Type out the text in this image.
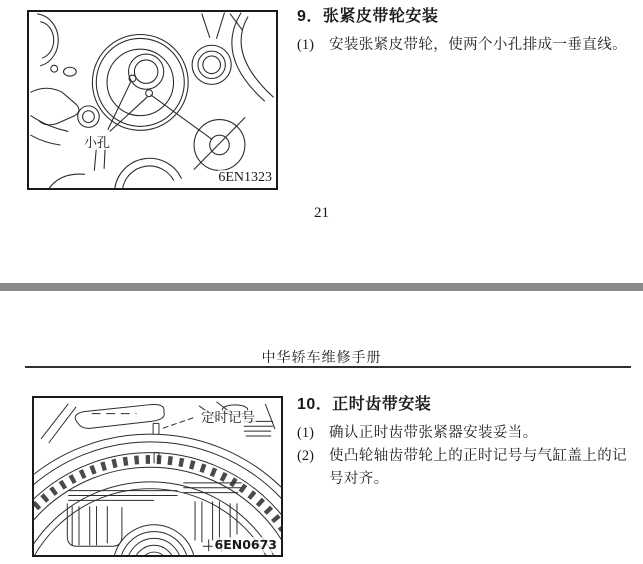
小孔
6EN1323
9．张紧皮带轮安装
(1)	安装张紧皮带轮，使两个小孔排成一垂直线。
21
中华轿车维修手册
定时记号
6EN0673
10．正时齿带安装
(1)	确认正时齿带张紧器安装妥当。
(2)	使凸轮轴齿带轮上的正时记号与气缸盖上的记号对齐。
